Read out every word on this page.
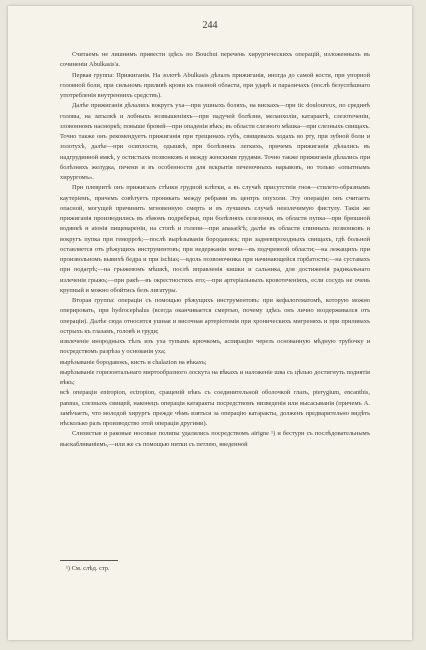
244

Считаемъ не лишнимъ привести здѣсь по Bouchut перечень хирургическихъ операцій, изложенныхъ въ сочиненіи Abulkasis'а.

Первая группа: Прижиганія. На золотѣ Abulkasis дѣлалъ прижиганія, иногда до самой кости, при упорной головной боли, при сильномъ приливѣ крови къ глазной области, при ударѣ и параличахъ (послѣ безуспѣшнаго употребленія внутреннихъ средствъ).

Далѣе прижиганія дѣлались вокругъ уха—при ушныхъ боляхъ, на вискахъ—при tic douloureux, по срединѣ головы, на затылкѣ и лобныхъ возвышеніяхъ—при падучей болѣзни, меланхоліи, катарактѣ, слезотеченіи, зловонномъ насморкѣ; повыше бровей—при опаденіи вѣкъ; въ области слезного мѣшка—при слезныхъ свищахъ. Точно также онъ рекомендуетъ прижиганія при трещинахъ губъ, свищевыхъ ходахъ во рту, при зубной боли и золотухѣ, далѣе—при осиплости, одышкѣ, при болѣзняхъ легкихъ, причемъ прижиганія дѣлались въ надгрудинной ямкѣ, у остистыхъ позвонковъ и между женскими грудями. Точно также прижиганія дѣлались при болѣзняхъ желудка, печени и въ особенности для вскрытія печеночныхъ нарывовъ, но только «опытнымъ хирургомъ».

При плевритѣ онъ прижигалъ стѣнки грудной клѣтки, а въ случаѣ присутствія гноя—стилето-образнымъ каутеріемъ, причемъ совѣтуетъ проникать между ребрами въ центръ опухоли. Эту операцію онъ считаетъ опасной, могущей причинить мгновенную смерть и въ лучшемъ случаѣ неизлечимую фистулу. Такія же прижиганія производились въ лѣвомъ подреберьи, при болѣзняхъ селезенки, въ области пупка—при брюшной водянкѣ и atонія пищевареніи, на стопѣ и голени—при anasark'ѣ; далѣе въ области спинныхъ позвонковъ и вокругъ пупка при геморроѣ;—послѣ вырѣзыванія бородавокъ; при задневпроходныхъ свищахъ, гдѣ больной оставляется отъ рѣжущихъ инструментовъ; при недержаніи мочи—въ подчревной области;—на лежащихъ при произвольномъ вывихѣ бедра и при ischias;—вдоль позвоночника при начинающейся горбатости;—на суставахъ при подагрѣ;—на грыжевомъ мѣшкѣ, послѣ вправленія кишки и сальника, для достиженія радикальнаго излеченія грыжъ;—при ракѣ—въ окрестностяхъ его;—при артеріальныхъ кровотеченіяхъ, если сосудъ не очень крупный и можно обойтись безъ лигатуры.

Вторая группа: операціи съ помощью рѣжущихъ инструментовъ: при кефалогематомѣ, которую можно оперировать, при hydrocephalus (всегда оканчивается смертью, почему здѣсь онъ лично воздерживался отъ операціи). Далѣе сюда относится ушная и височная артеріотомія при хроническихъ мигреняхъ и при приливахъ острыхъ къ глазамъ, головѣ и груди;

извлеченіе инородныхъ тѣлъ изъ уха тупымъ крючкомъ, аспирацію черезъ основанную мѣдную трубочку и посредствомъ разрѣза у основанія уха;

вырѣзываніе бородавокъ, кисть и chalazion на вѣкахъ;

вырѣзываніе горизонтальнаго миртообразного лоскута на вѣкахъ и наложеніе шва съ цѣлью достигнуть поднятія вѣкъ;

всѣ операціи entropion, ectropion, сращеній вѣкъ съ соединительной оболочкой глазъ, pterygium, encanthis, pannus, слезныхъ свищей, наконецъ операціи катаракты посредствомъ низведенія или высасыванія (причемъ A. замѣчаетъ, что молодой хирургъ прежде чѣмъ взяться за операцію катаракты, долженъ предварительно видѣть нѣсколько разъ производство этой операціи другими).

Слизистые и раковые носовые полипы удалялись посредствомъ airigne ¹) и бестури съ послѣдовательнымъ выскабливаніемъ,—или же съ помощью нитки съ петлею, введенной

¹) См. слѣд. стр.
